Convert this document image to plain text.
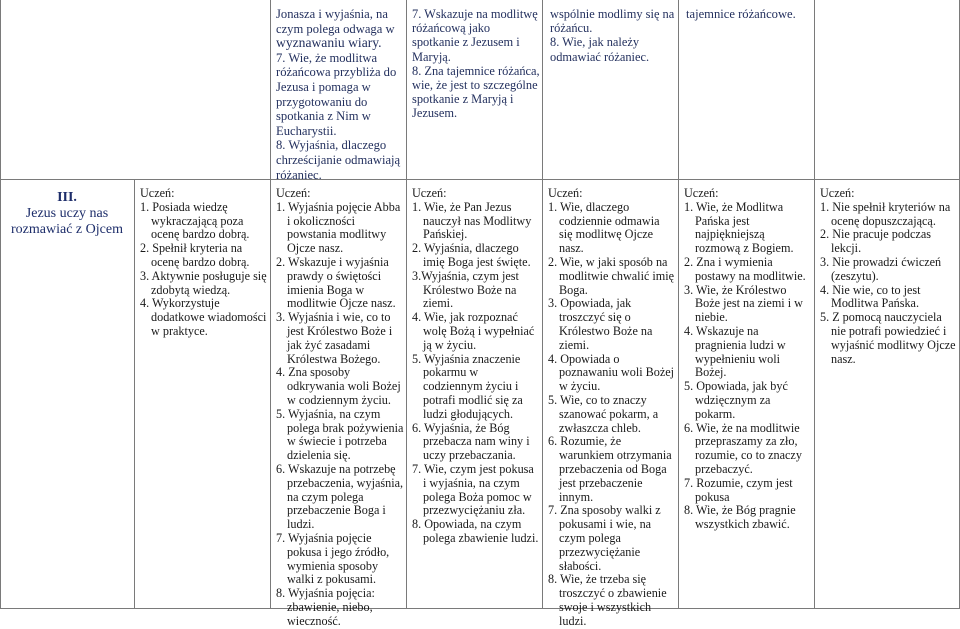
Jonasza i wyjaśnia, na
czym polega odwaga w
wyznawaniu wiary.
7. Wie, że modlitwa
różańcowa przybliża do
Jezusa i pomaga w
przygotowaniu do
spotkania z Nim w
Eucharystii.
8. Wyjaśnia, dlaczego
chrześcijanie odmawiają
różaniec.
7. Wskazuje na modlitwę
różańcową jako
spotkanie z Jezusem i
Maryją.
8. Zna tajemnice różańca,
wie, że jest to szczególne
spotkanie z Maryją i
Jezusem.
wspólnie modlimy się na
różańcu.
8. Wie, jak należy
odmawiać różaniec.
tajemnice różańcowe.
III.
Jezus uczy nas
rozmawiać z Ojcem

Uczeń:

1. Posiada wiedzę wykraczającą poza ocenę bardzo dobrą.

2. Spełnił kryteria na ocenę bardzo dobrą.

3. Aktywnie posługuje się zdobytą wiedzą.

4. Wykorzystuje dodatkowe wiadomości w praktyce.

Uczeń:

1. Wyjaśnia pojęcie Abba i okoliczności powstania modlitwy Ojcze nasz.

2. Wskazuje i wyjaśnia prawdy o świętości imienia Boga w modlitwie Ojcze nasz.

3. Wyjaśnia i wie, co to jest Królestwo Boże i jak żyć zasadami Królestwa Bożego.

4. Zna sposoby odkrywania woli Bożej w codziennym życiu.

5. Wyjaśnia, na czym polega brak pożywienia w świecie i potrzeba dzielenia się.

6. Wskazuje na potrzebę przebaczenia, wyjaśnia, na czym polega przebaczenie Boga i ludzi.

7. Wyjaśnia pojęcie pokusa i jego źródło, wymienia sposoby walki z pokusami.

8. Wyjaśnia pojęcia: zbawienie, niebo, wieczność.

Uczeń:

1. Wie, że Pan Jezus nauczył nas Modlitwy Pańskiej.

2. Wyjaśnia, dlaczego imię Boga jest święte.

3.Wyjaśnia, czym jest Królestwo Boże na ziemi.

4. Wie, jak rozpoznać wolę Bożą i wypełniać ją w życiu.

5. Wyjaśnia znaczenie pokarmu w codziennym życiu i potrafi modlić się za ludzi głodujących.

6. Wyjaśnia, że Bóg przebacza nam winy i uczy przebaczania.

7. Wie, czym jest pokusa i wyjaśnia, na czym polega Boża pomoc w przezwyciężaniu zła.

8. Opowiada, na czym polega zbawienie ludzi.

Uczeń:

1. Wie, dlaczego codziennie odmawia się modlitwę Ojcze nasz.

2. Wie, w jaki sposób na modlitwie chwalić imię Boga.

3. Opowiada, jak troszczyć się o Królestwo Boże na ziemi.

4. Opowiada o poznawaniu woli Bożej w życiu.

5. Wie, co to znaczy szanować pokarm, a zwłaszcza chleb.

6. Rozumie, że warunkiem otrzymania przebaczenia od Boga jest przebaczenie innym.

7. Zna sposoby walki z pokusami i wie, na czym polega przezwyciężanie słabości.

8. Wie, że trzeba się troszczyć o zbawienie swoje i wszystkich ludzi.

Uczeń:

1. Wie, że Modlitwa Pańska jest najpiękniejszą rozmową z Bogiem.

2. Zna i wymienia postawy na modlitwie.

3. Wie, że Królestwo Boże jest na ziemi i w niebie.

4. Wskazuje na pragnienia ludzi w wypełnieniu woli Bożej.

5. Opowiada, jak być wdzięcznym za pokarm.

6. Wie, że na modlitwie przepraszamy za zło, rozumie, co to znaczy przebaczyć.

7. Rozumie, czym jest pokusa

8. Wie, że Bóg pragnie wszystkich zbawić.

Uczeń:

1. Nie spełnił kryteriów na ocenę dopuszczającą.

2. Nie pracuje podczas lekcji.

3. Nie prowadzi ćwiczeń (zeszytu).

4. Nie wie, co to jest Modlitwa Pańska.

5. Z pomocą nauczyciela nie potrafi powiedzieć i wyjaśnić modlitwy Ojcze nasz.
